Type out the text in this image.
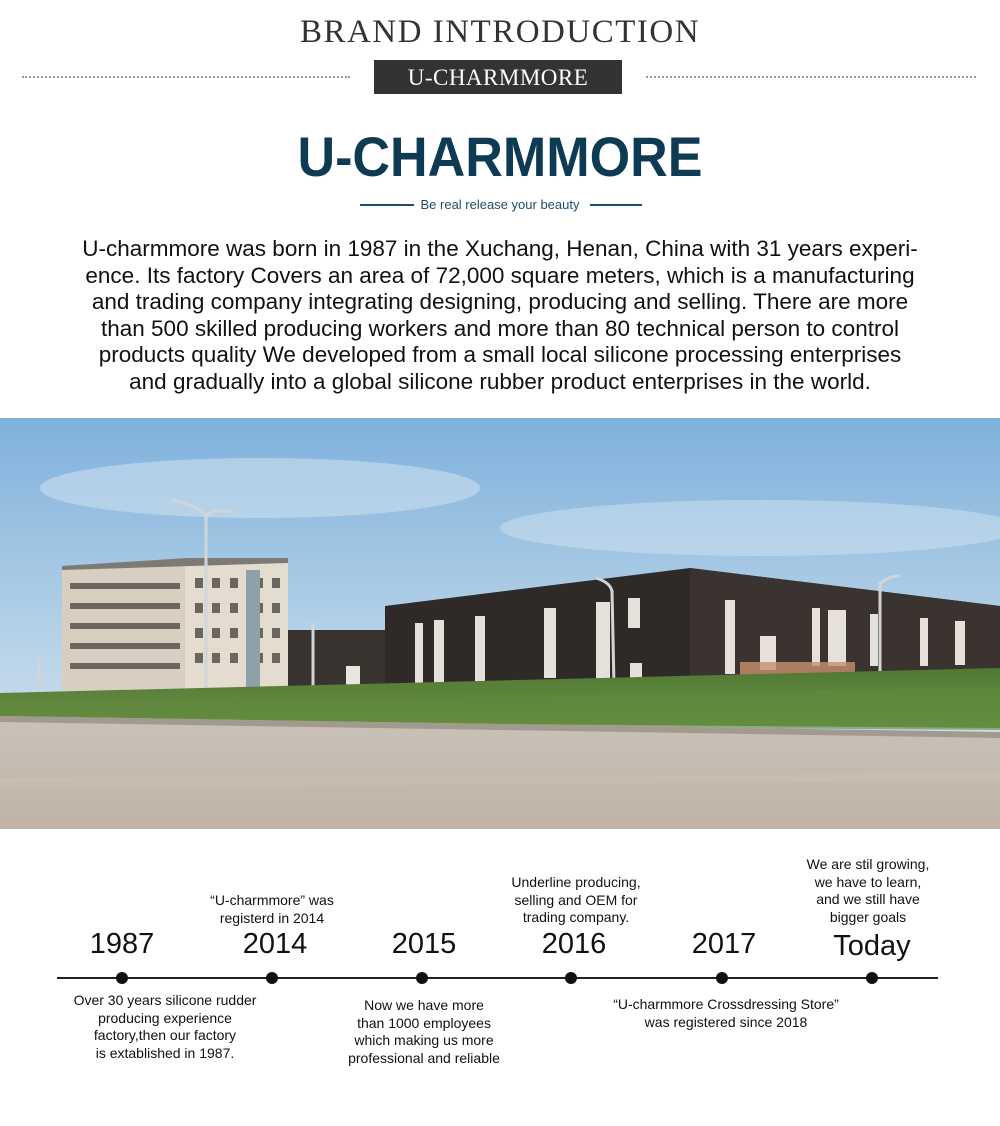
BRAND INTRODUCTION
U-CHARMMORE
U-CHARMMORE
Be real release your beauty
U-charmmore was born in 1987 in the Xuchang, Henan, China with 31 years experi-
ence. Its factory Covers an area of 72,000 square meters, which is a manufacturing
and trading company integrating designing, producing and selling. There are more
than 500 skilled producing workers and more than 80 technical person to control
products quality We developed from a small local silicone processing enterprises
and gradually into a global silicone rubber product enterprises in the world.
1987	2014	2015	2016	2017	Today
“U-charmmore” was
registerd in 2014
Underline producing,
selling and OEM for
trading company.
We are stil growing,
we have to learn,
and we still have
bigger goals
Over 30 years silicone rudder
producing experience
factory,then our factory
is extablished in 1987.
Now we have more
than 1000 employees
which making us more
professional and reliable
“U-charmmore Crossdressing Store”
was registered since 2018
